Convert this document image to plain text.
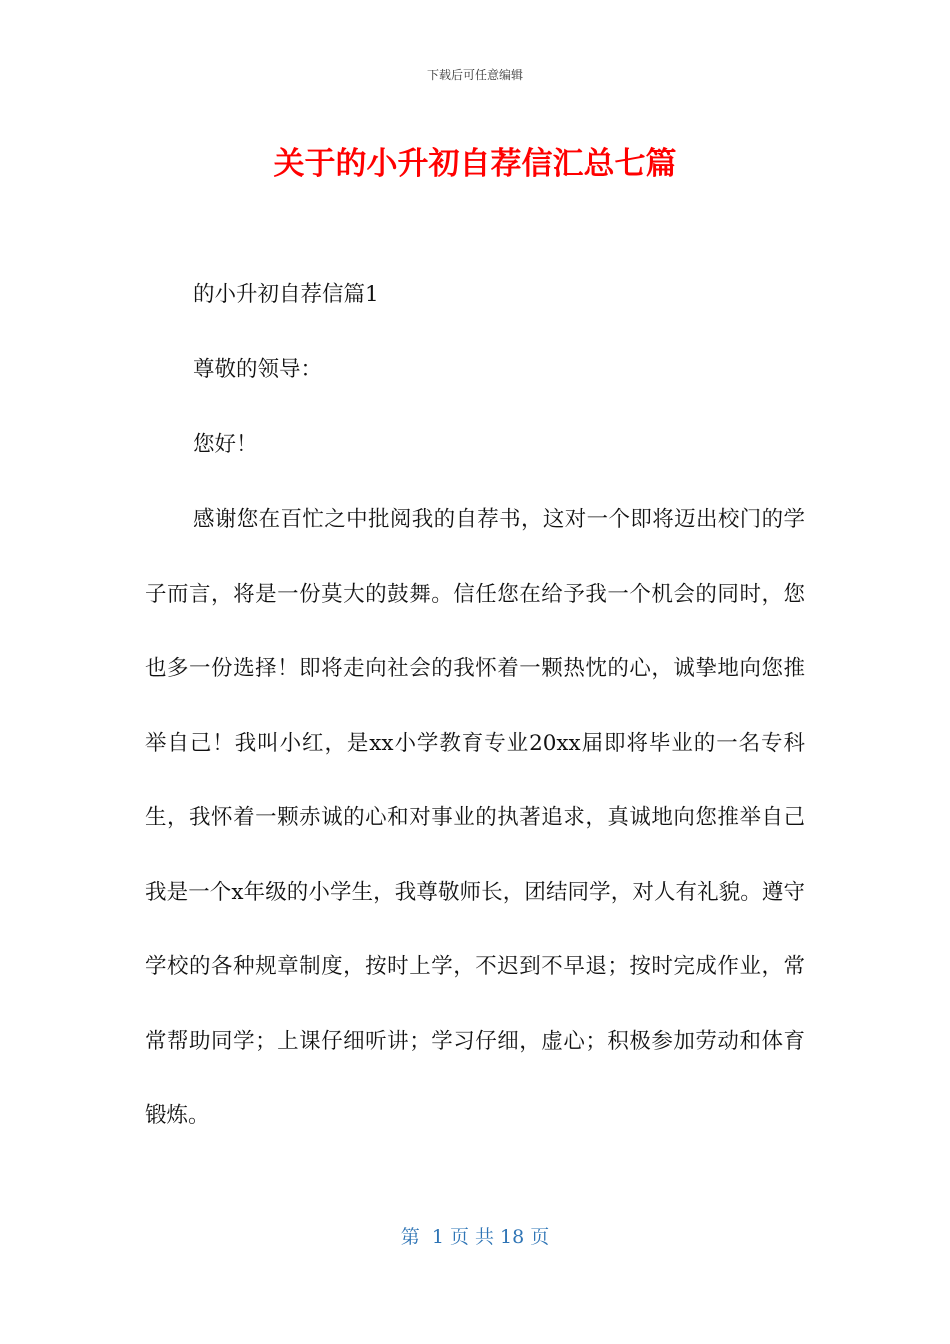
下载后可任意编辑
关于的小升初自荐信汇总七篇

的小升初自荐信篇1

尊敬的领导：

您好！

感谢您在百忙之中批阅我的自荐书，这对一个即将迈出校门的学子而言，将是一份莫大的鼓舞。信任您在给予我一个机会的同时，您也多一份选择！即将走向社会的我怀着一颗热忱的心，诚挚地向您推举自己！我叫小红，是xx小学教育专业20xx届即将毕业的一名专科生，我怀着一颗赤诚的心和对事业的执著追求，真诚地向您推举自己我是一个x年级的小学生，我尊敬师长，团结同学，对人有礼貌。遵守学校的各种规章制度，按时上学，不迟到不早退；按时完成作业，常常帮助同学；上课仔细听讲；学习仔细，虚心；积极参加劳动和体育锻炼。

第  1 页 共 18 页
